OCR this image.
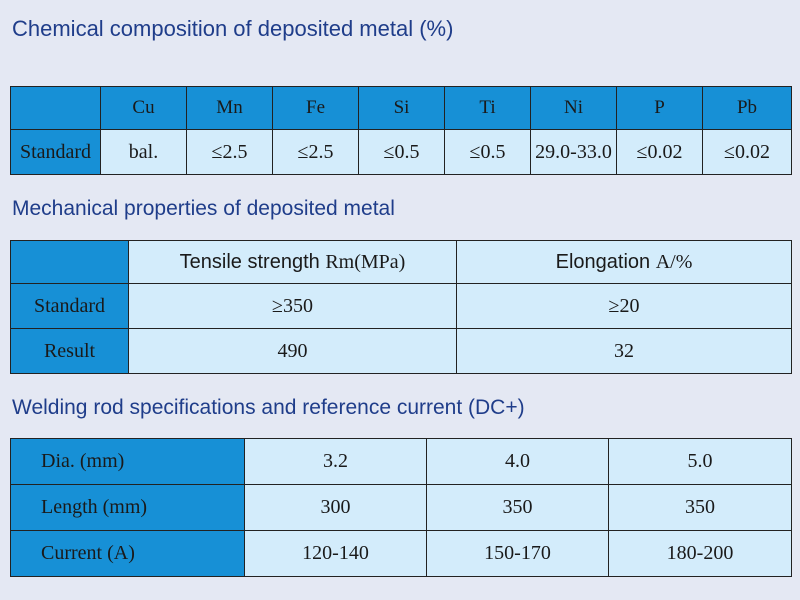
Chemical composition of deposited metal (%)
	Cu	Mn	Fe	Si	Ti	Ni	P	Pb
Standard	bal.	≤2.5	≤2.5	≤0.5	≤0.5	29.0-33.0	≤0.02	≤0.02
Mechanical properties of deposited metal
	Tensile strength Rm(MPa)	Elongation A/%
Standard	≥350	≥20
Result	490	32
Welding rod specifications and reference current (DC+)
Dia. (mm)	3.2	4.0	5.0
Length (mm)	300	350	350
Current (A)	120-140	150-170	180-200
